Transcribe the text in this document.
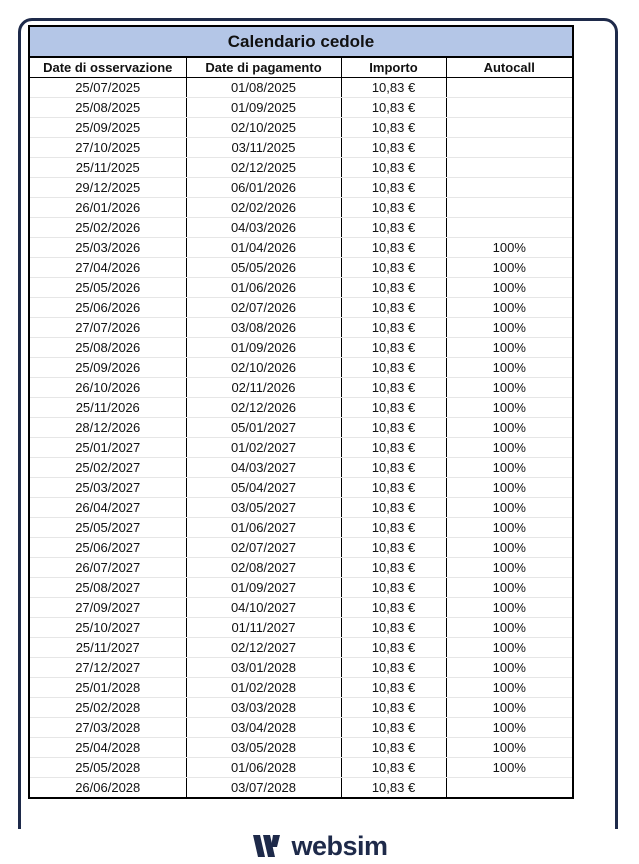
Calendario cedole			
Date di osservazione	Date di pagamento	Importo	Autocall
25/07/2025	01/08/2025	10,83 €	
25/08/2025	01/09/2025	10,83 €	
25/09/2025	02/10/2025	10,83 €	
27/10/2025	03/11/2025	10,83 €	
25/11/2025	02/12/2025	10,83 €	
29/12/2025	06/01/2026	10,83 €	
26/01/2026	02/02/2026	10,83 €	
25/02/2026	04/03/2026	10,83 €	
25/03/2026	01/04/2026	10,83 €	100%
27/04/2026	05/05/2026	10,83 €	100%
25/05/2026	01/06/2026	10,83 €	100%
25/06/2026	02/07/2026	10,83 €	100%
27/07/2026	03/08/2026	10,83 €	100%
25/08/2026	01/09/2026	10,83 €	100%
25/09/2026	02/10/2026	10,83 €	100%
26/10/2026	02/11/2026	10,83 €	100%
25/11/2026	02/12/2026	10,83 €	100%
28/12/2026	05/01/2027	10,83 €	100%
25/01/2027	01/02/2027	10,83 €	100%
25/02/2027	04/03/2027	10,83 €	100%
25/03/2027	05/04/2027	10,83 €	100%
26/04/2027	03/05/2027	10,83 €	100%
25/05/2027	01/06/2027	10,83 €	100%
25/06/2027	02/07/2027	10,83 €	100%
26/07/2027	02/08/2027	10,83 €	100%
25/08/2027	01/09/2027	10,83 €	100%
27/09/2027	04/10/2027	10,83 €	100%
25/10/2027	01/11/2027	10,83 €	100%
25/11/2027	02/12/2027	10,83 €	100%
27/12/2027	03/01/2028	10,83 €	100%
25/01/2028	01/02/2028	10,83 €	100%
25/02/2028	03/03/2028	10,83 €	100%
27/03/2028	03/04/2028	10,83 €	100%
25/04/2028	03/05/2028	10,83 €	100%
25/05/2028	01/06/2028	10,83 €	100%
26/06/2028	03/07/2028	10,83 €	
websim
